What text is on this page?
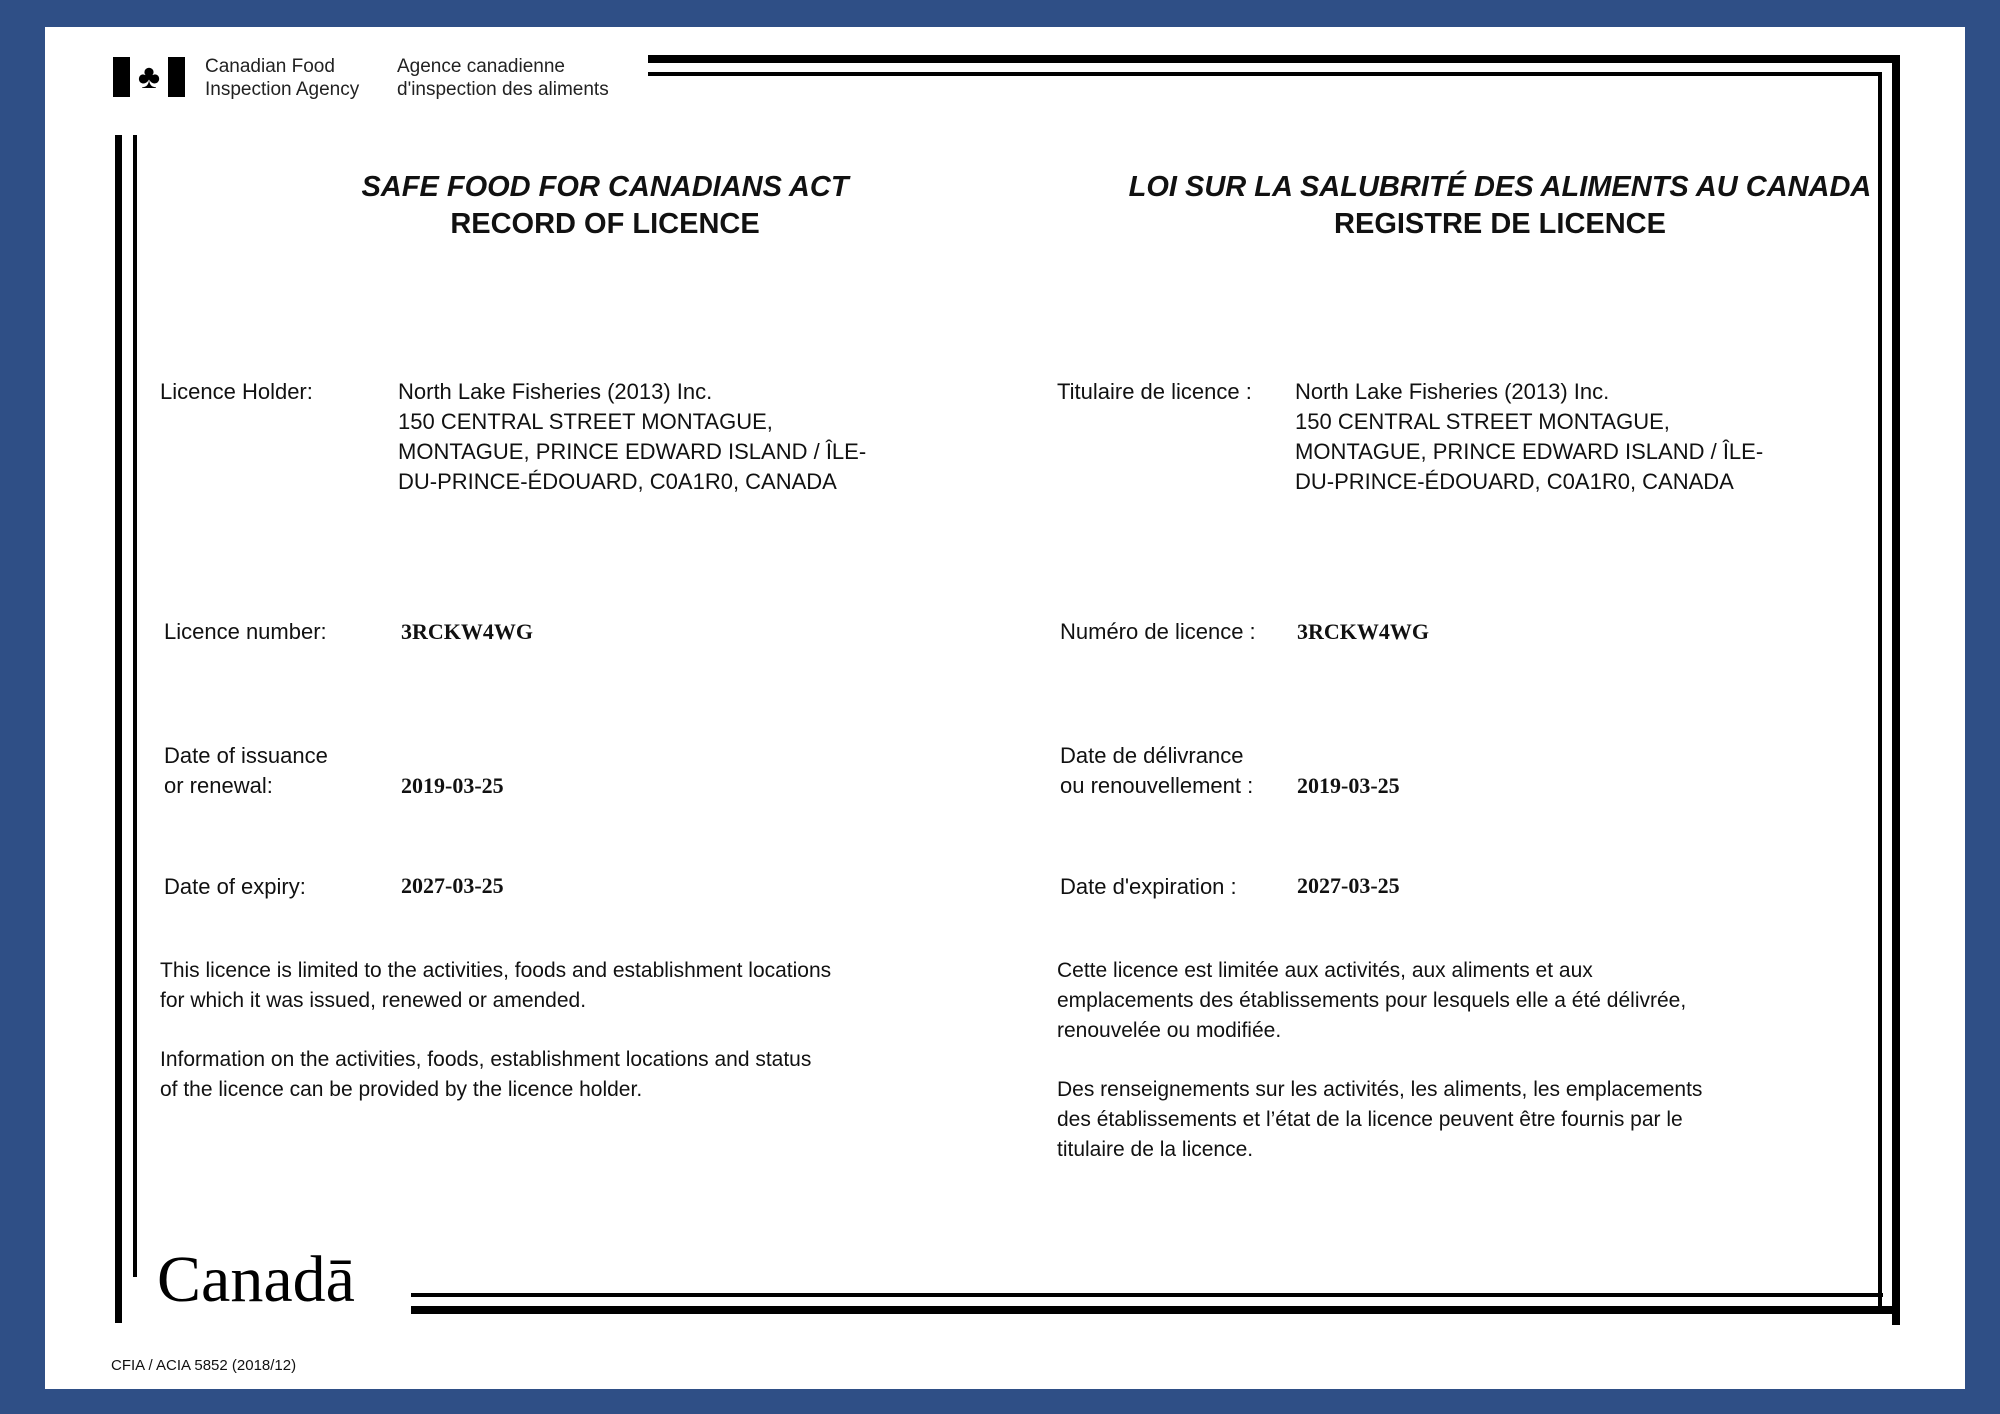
♣	Canadian Food
Inspection Agency
Agence canadienne
d'inspection des aliments
SAFE FOOD FOR CANADIANS ACT
RECORD OF LICENCE
LOI SUR LA SALUBRITÉ DES ALIMENTS AU CANADA
REGISTRE DE LICENCE
Licence Holder:	North Lake Fisheries (2013) Inc.
150 CENTRAL STREET MONTAGUE,
MONTAGUE, PRINCE EDWARD ISLAND / ÎLE-
DU-PRINCE-ÉDOUARD, C0A1R0, CANADA
Licence number:	3RCKW4WG
Date of issuance
or renewal:	2019-03-25
Date of expiry:	2027-03-25
This licence is limited to the activities, foods and establishment locations
for which it was issued, renewed or amended.
Information on the activities, foods, establishment locations and status
of the licence can be provided by the licence holder.
Titulaire de licence : North Lake Fisheries (2013) Inc.
150 CENTRAL STREET MONTAGUE,
MONTAGUE, PRINCE EDWARD ISLAND / ÎLE-
DU-PRINCE-ÉDOUARD, C0A1R0, CANADA
Numéro de licence : 3RCKW4WG
Date de délivrance
ou renouvellement : 2019-03-25
Date d'expiration :	2027-03-25
Cette licence est limitée aux activités, aux aliments et aux
emplacements des établissements pour lesquels elle a été délivrée,
renouvelée ou modifiée.
Des renseignements sur les activités, les aliments, les emplacements
des établissements et l’état de la licence peuvent être fournis par le
titulaire de la licence.
Canadā
CFIA / ACIA 5852 (2018/12)
